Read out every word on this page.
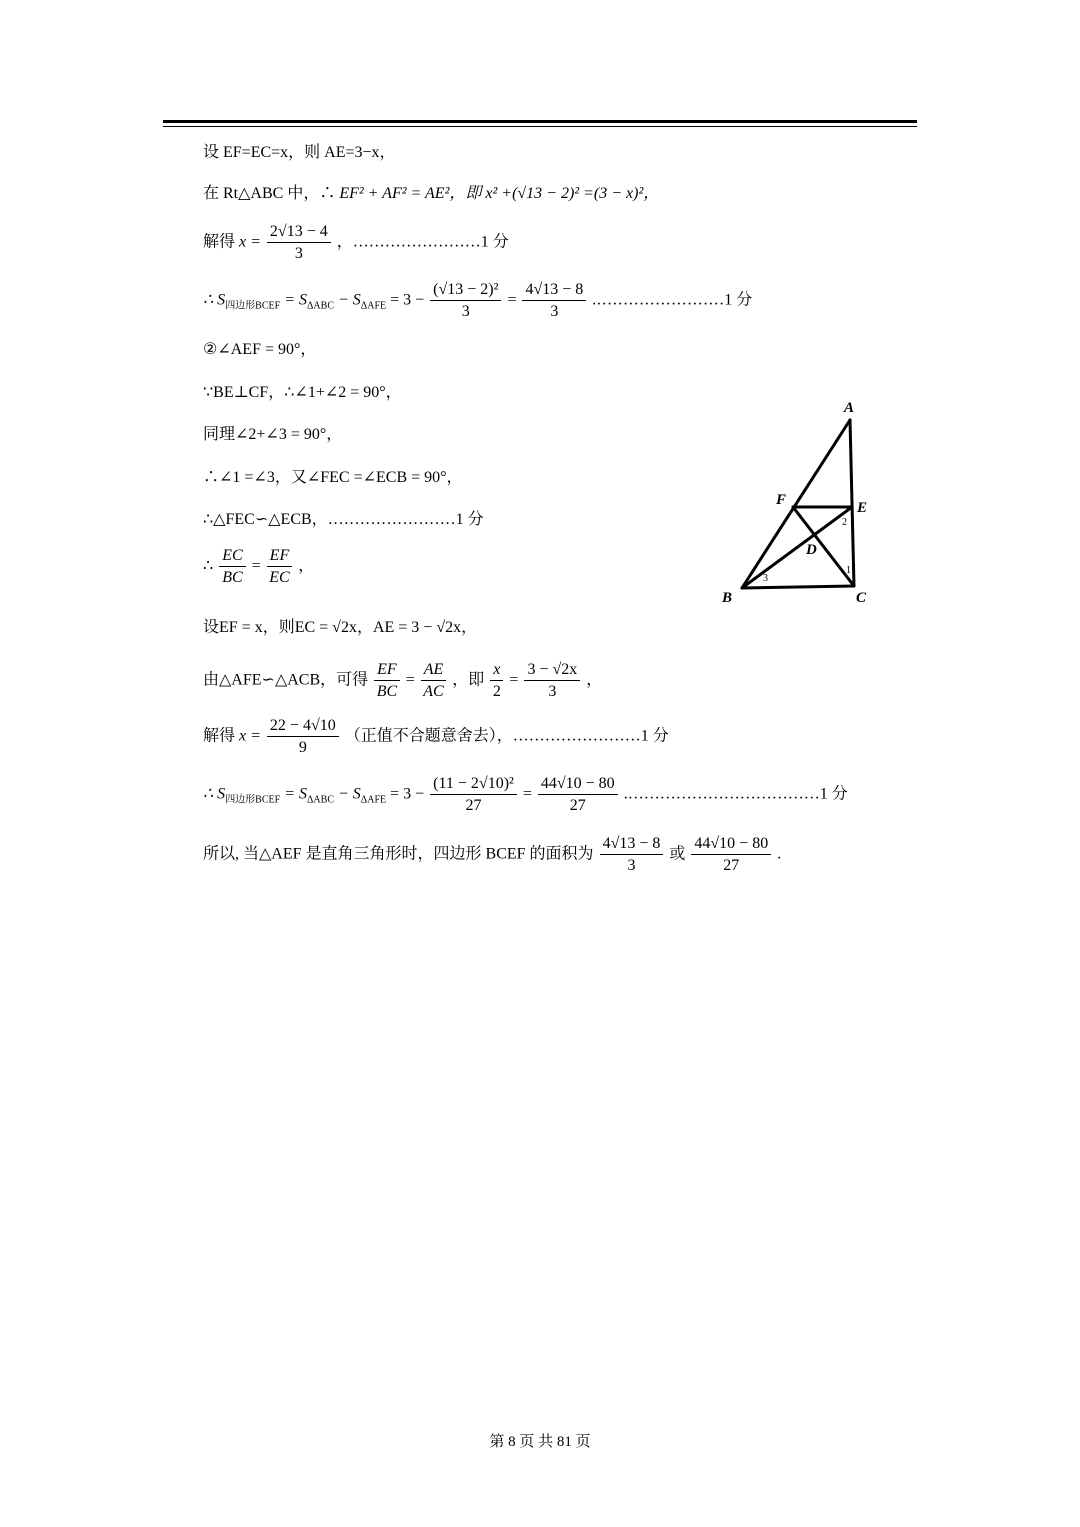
设 EF=EC=x，则 AE=3−x，
在 Rt△ABC 中，∴ EF² + AF² = AE²，即 x² +(√13 − 2)² =(3 − x)²，
解得 $x = \frac{2√13 - 4}{3}$ ，……………………1 分
∴ $S_{四边形BCEF} = S_{\Delta ABC} - S_{\Delta AFE} = 3 - \frac{\text{(√13 − 2)²}}{3} = \frac{4√13 - 8}{3}$ .……………………1 分
②∠AEF = 90°，
∵BE⊥CF，∴∠1+∠2 = 90°，
同理∠2+∠3 = 90°，
∴∠1 =∠3，又∠FEC =∠ECB = 90°，
∴△FEC∽△ECB，……………………1 分
∴ $\frac{EC}{BC} = \frac{EF}{EC}$ ，
设EF = x，则EC = √2x，AE = 3 − √2x，
由△AFE∽△ACB，可得 $\frac{EF}{BC} = \frac{AE}{AC}$ ，即 $\frac{x}{2} = \frac{3 - √2x}{3}$ ，
解得 $x = \frac{22 - 4√10}{9}$ （正值不合题意舍去），……………………1 分
∴ $S_{四边形BCEF} = S_{\Delta ABC} - S_{\Delta AFE} = 3 - \frac{\text{(11 − 2√10)²}}{27} = \frac{44√10 - 80}{27}$ .………………………………1 分
所以, 当△AEF 是直角三角形时，四边形 BCEF 的面积为 $\frac{4√13 - 8}{3}$ 或 $\frac{44√10 - 80}{27}$ .
A
B	C
D
E
F
1
2
3
第 8 页 共 81 页
